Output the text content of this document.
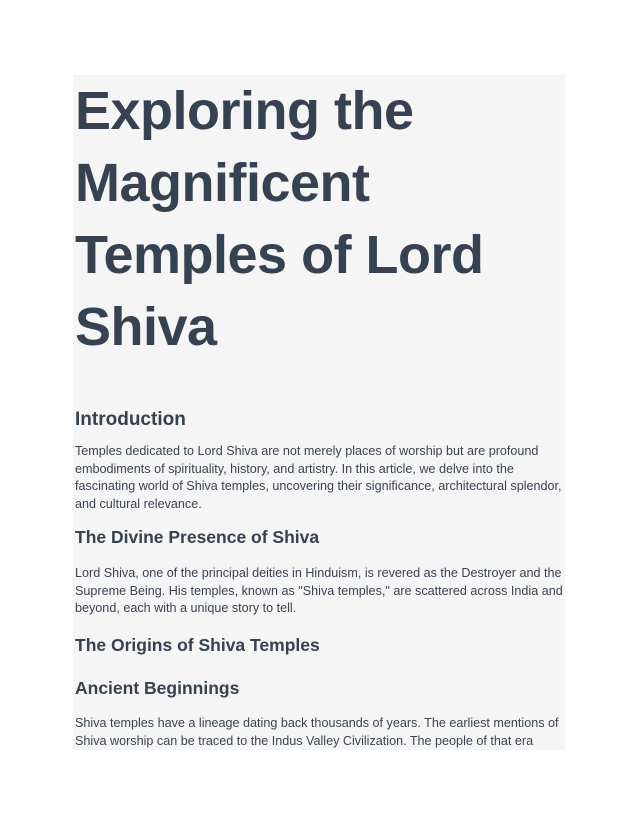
Exploring the Magnificent Temples of Lord Shiva
Introduction

Temples dedicated to Lord Shiva are not merely places of worship but are profound embodiments of spirituality, history, and artistry. In this article, we delve into the fascinating world of Shiva temples, uncovering their significance, architectural splendor, and cultural relevance.

The Divine Presence of Shiva

Lord Shiva, one of the principal deities in Hinduism, is revered as the Destroyer and the Supreme Being. His temples, known as "Shiva temples," are scattered across India and beyond, each with a unique story to tell.

The Origins of Shiva Temples
Ancient Beginnings

Shiva temples have a lineage dating back thousands of years. The earliest mentions of Shiva worship can be traced to the Indus Valley Civilization. The people of that era
